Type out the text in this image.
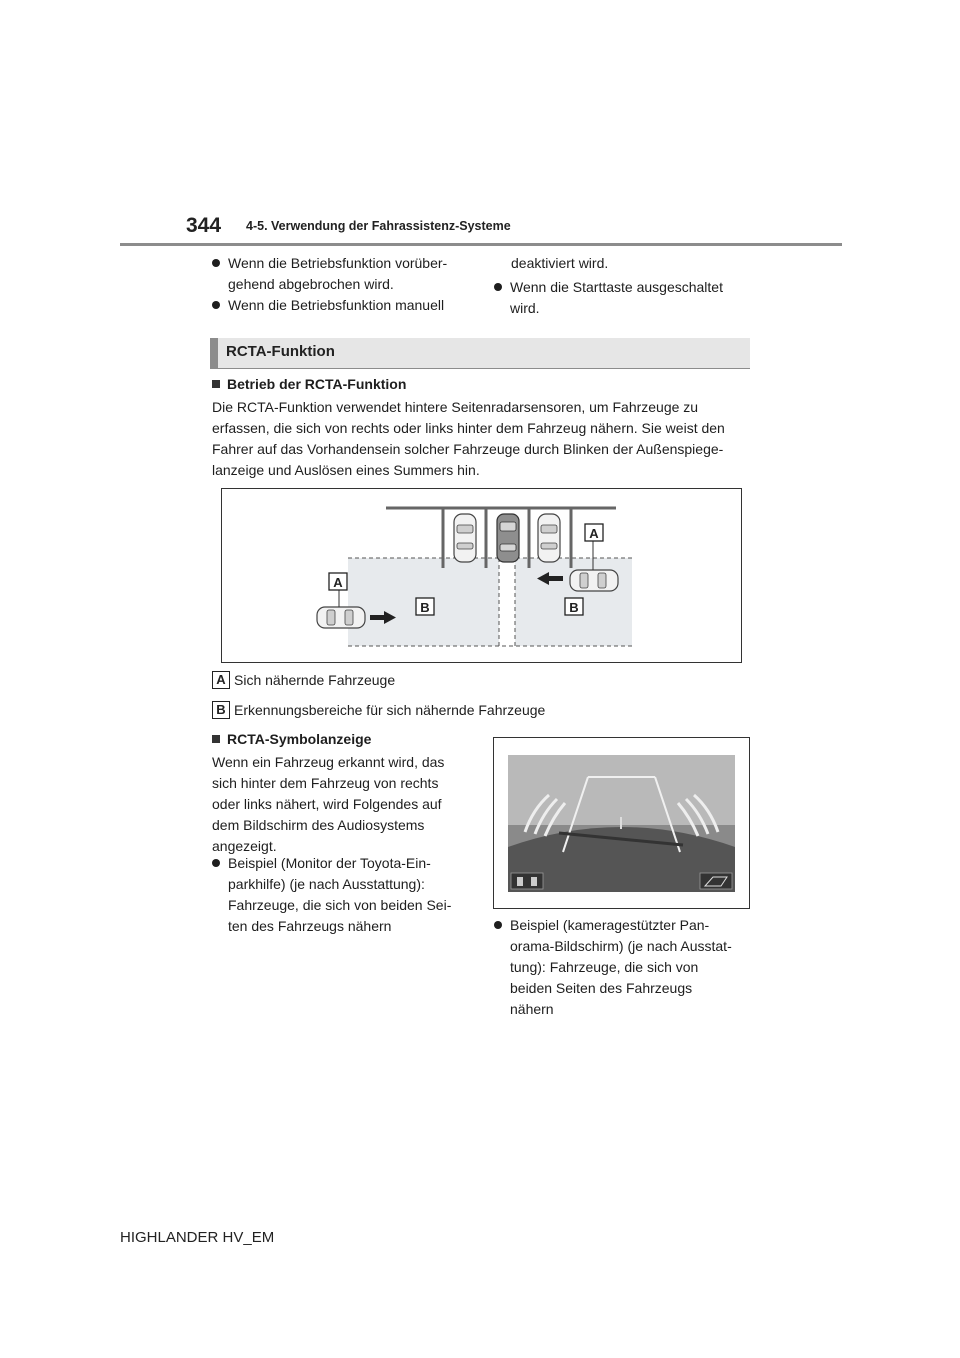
344 4-5. Verwendung der Fahrassistenz-Systeme
Wenn die Betriebsfunktion vorüber-
gehend abgebrochen wird.
Wenn die Betriebsfunktion manuell
deaktiviert wird.
Wenn die Starttaste ausgeschaltet
wird.
RCTA-Funktion
Betrieb der RCTA-Funktion
Die RCTA-Funktion verwendet hintere Seitenradarsensoren, um Fahrzeuge zu
erfassen, die sich von rechts oder links hinter dem Fahrzeug nähern. Sie weist den
Fahrer auf das Vorhandensein solcher Fahrzeuge durch Blinken der Außenspiege-
lanzeige und Auslösen eines Summers hin.
A
B
A
B
A Sich nähernde Fahrzeuge
B Erkennungsbereiche für sich nähernde Fahrzeuge
RCTA-Symbolanzeige
Wenn ein Fahrzeug erkannt wird, das
sich hinter dem Fahrzeug von rechts
oder links nähert, wird Folgendes auf
dem Bildschirm des Audiosystems
angezeigt.
Beispiel (Monitor der Toyota-Ein-
parkhilfe) (je nach Ausstattung):
Fahrzeuge, die sich von beiden Sei-
ten des Fahrzeugs nähern	Beispiel (kameragestützter Pan-
orama-Bildschirm) (je nach Ausstat-
tung): Fahrzeuge, die sich von
beiden Seiten des Fahrzeugs
nähern
HIGHLANDER HV_EM
